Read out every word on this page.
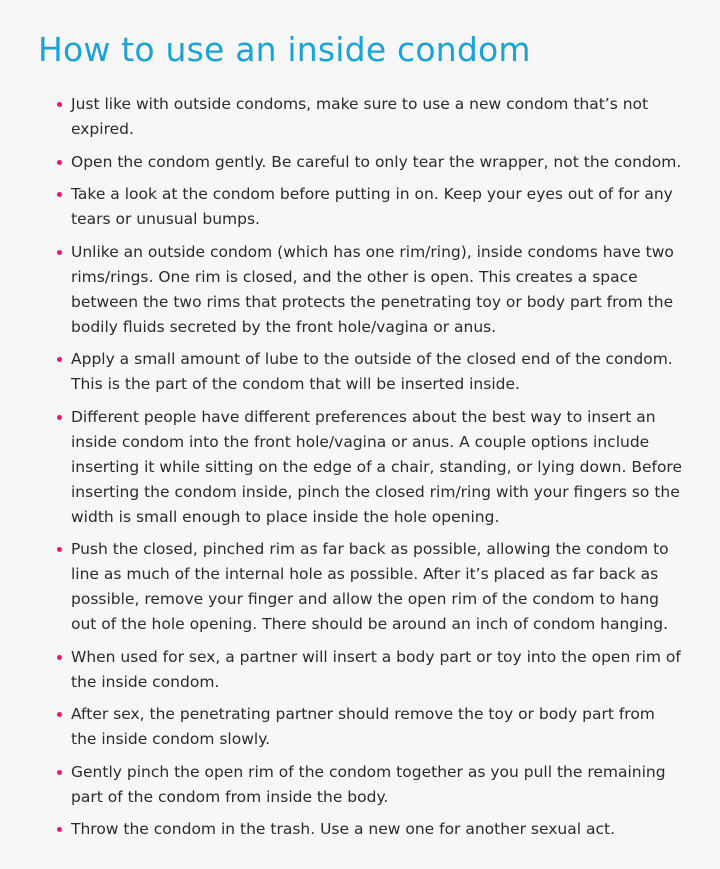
How to use an inside condom
Just like with outside condoms, make sure to use a new condom that’s not expired.
Open the condom gently. Be careful to only tear the wrapper, not the condom.
Take a look at the condom before putting in on. Keep your eyes out of for any tears or unusual bumps.
Unlike an outside condom (which has one rim/ring), inside condoms have two rims/rings. One rim is closed, and the other is open. This creates a space between the two rims that protects the penetrating toy or body part from the bodily fluids secreted by the front hole/vagina or anus.
Apply a small amount of lube to the outside of the closed end of the condom. This is the part of the condom that will be inserted inside.
Different people have different preferences about the best way to insert an inside condom into the front hole/vagina or anus. A couple options include inserting it while sitting on the edge of a chair, standing, or lying down. Before inserting the condom inside, pinch the closed rim/ring with your fingers so the width is small enough to place inside the hole opening.
Push the closed, pinched rim as far back as possible, allowing the condom to line as much of the internal hole as possible. After it’s placed as far back as possible, remove your finger and allow the open rim of the condom to hang out of the hole opening. There should be around an inch of condom hanging.
When used for sex, a partner will insert a body part or toy into the open rim of the inside condom.
After sex, the penetrating partner should remove the toy or body part from the inside condom slowly.
Gently pinch the open rim of the condom together as you pull the remaining part of the condom from inside the body.
Throw the condom in the trash. Use a new one for another sexual act.
